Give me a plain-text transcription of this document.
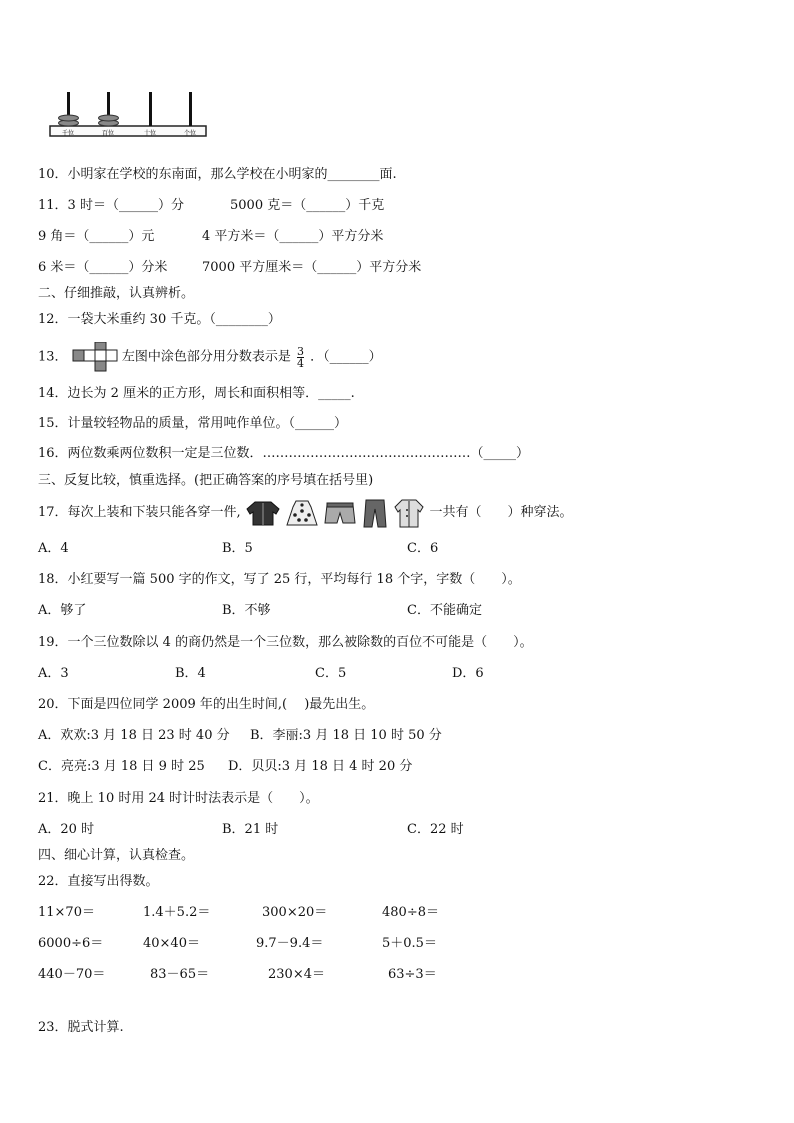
千位	百位	十位	个位
10．小明家在学校的东南面，那么学校在小明家的________面.
11．3 时＝（______）分	5000 克＝（______）千克
9 角＝（______）元	4 平方米＝（______）平方分米
6 米＝（______）分米	7000 平方厘米＝（______）平方分米
二、仔细推敲，认真辨析。
12．一袋大米重约 30 千克。（________）
13．	左图中涂色部分用分数表示是 $\frac{3}{4}$ ．（______）
14．边长为 2 厘米的正方形，周长和面积相等．_____.
15．计量较轻物品的质量，常用吨作单位。（______）
16．两位数乘两位数积一定是三位数．…………………………………………（_____）
三、反复比较，慎重选择。(把正确答案的序号填在括号里)
17．每次上装和下装只能各穿一件,	一共有（　　）种穿法。
A．4	B．5	C．6
18．小红要写一篇 500 字的作文，写了 25 行，平均每行 18 个字，字数（　　）。
A．够了	B．不够	C．不能确定
19．一个三位数除以 4 的商仍然是一个三位数，那么被除数的百位不可能是（　　）。
A．3	B．4	C．5	D．6
20．下面是四位同学 2009 年的出生时间,(　 )最先出生。
A．欢欢:3 月 18 日 23 时 40 分 B．李丽:3 月 18 日 10 时 50 分
C．亮亮:3 月 18 日 9 时 25 D．贝贝:3 月 18 日 4 时 20 分
21．晚上 10 时用 24 时计时法表示是（　　）。
A．20 时	B．21 时	C．22 时
四、细心计算，认真检查。
22．直接写出得数。
11×70＝	1.4＋5.2＝	300×20＝	480÷8＝
6000÷6＝	40×40＝	9.7－9.4＝	5＋0.5＝
440－70＝	83－65＝	230×4＝	63÷3＝
23．脱式计算.
